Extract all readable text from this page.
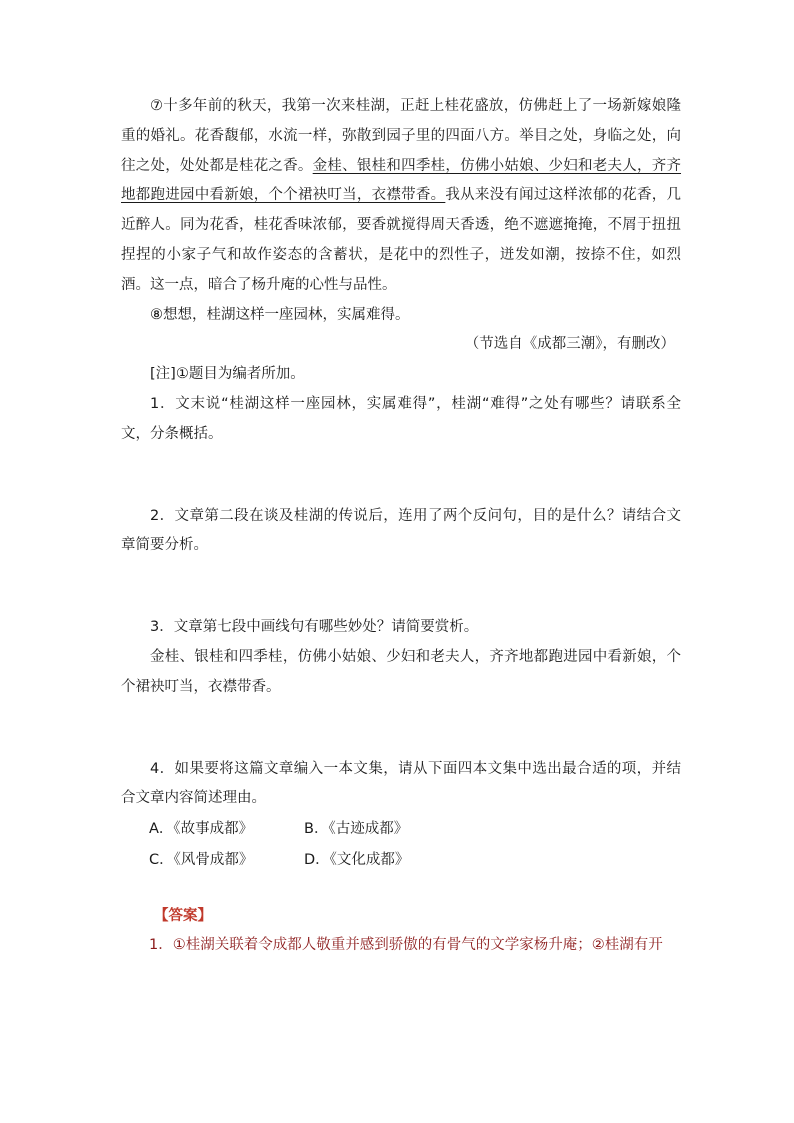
⑦十多年前的秋天，我第一次来桂湖，正赶上桂花盛放，仿佛赶上了一场新嫁娘隆重的婚礼。花香馥郁，水流一样，弥散到园子里的四面八方。举目之处，身临之处，向往之处，处处都是桂花之香。金桂、银桂和四季桂，仿佛小姑娘、少妇和老夫人，齐齐地都跑进园中看新娘，个个裙袂叮当，衣襟带香。我从来没有闻过这样浓郁的花香，几近醉人。同为花香，桂花香味浓郁，要香就搅得周天香透，绝不遮遮掩掩，不屑于扭扭捏捏的小家子气和故作姿态的含蓄状，是花中的烈性子，迸发如潮，按捺不住，如烈酒。这一点，暗合了杨升庵的心性与品性。

⑧想想，桂湖这样一座园林，实属难得。

（节选自《成都三潮》，有删改）

[注]①题目为编者所加。

1．文末说“桂湖这样一座园林，实属难得”，桂湖“难得”之处有哪些？请联系全文，分条概括。

2．文章第二段在谈及桂湖的传说后，连用了两个反问句，目的是什么？请结合文章简要分析。

3．文章第七段中画线句有哪些妙处？请简要赏析。

金桂、银桂和四季桂，仿佛小姑娘、少妇和老夫人，齐齐地都跑进园中看新娘，个个裙袂叮当，衣襟带香。

4．如果要将这篇文章编入一本文集，请从下面四本文集中选出最合适的项，并结合文章内容简述理由。

A．《故事成都》	B．《古迹成都》
C．《风骨成都》	D．《文化成都》
【答案】
1．①桂湖关联着令成都人敬重并感到骄傲的有骨气的文学家杨升庵；②桂湖有开
